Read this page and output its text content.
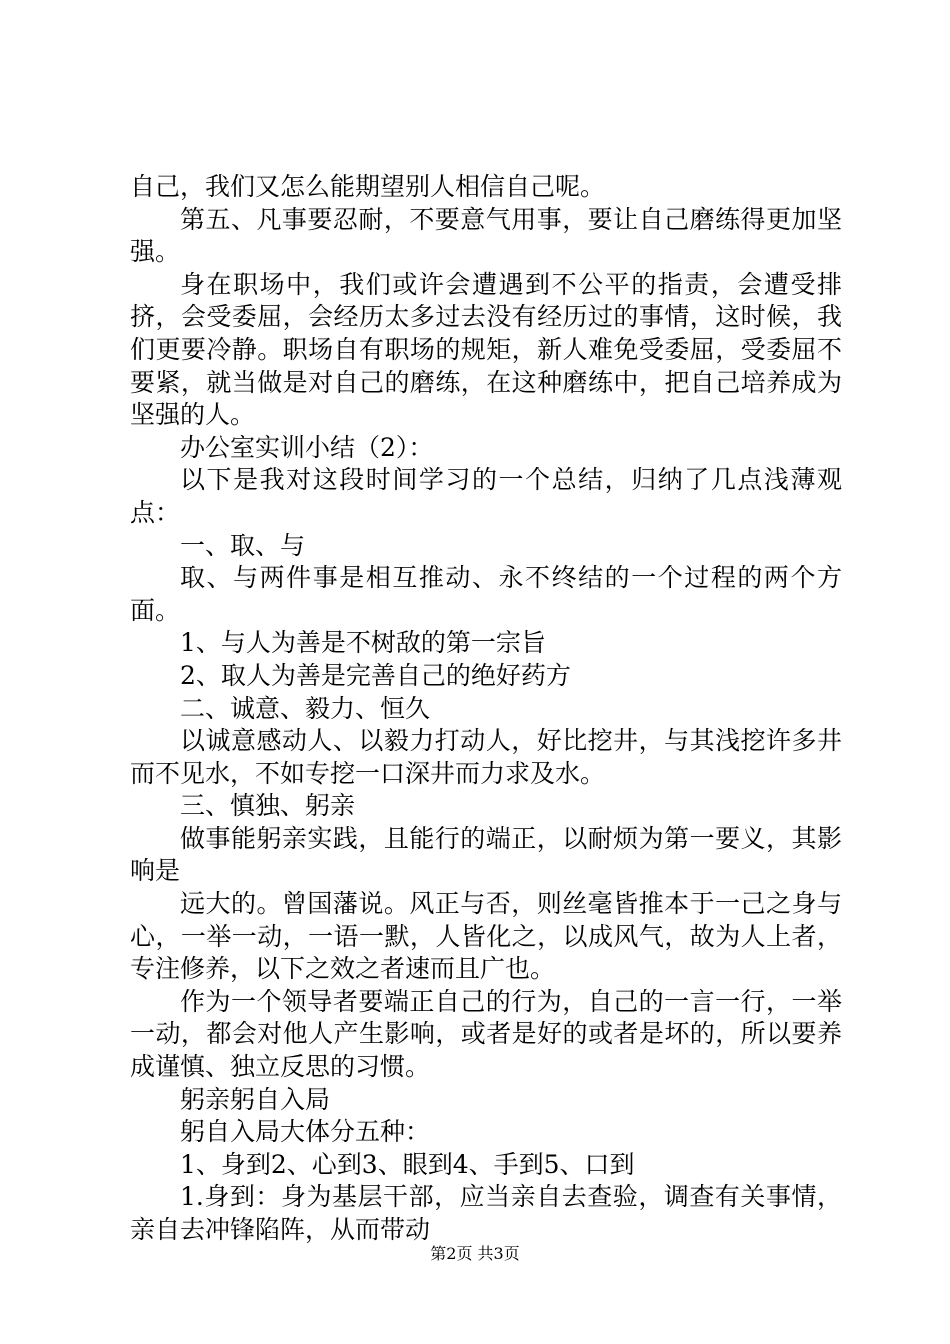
自己，我们又怎么能期望别人相信自己呢。

第五、凡事要忍耐，不要意气用事，要让自己磨练得更加坚强。

身在职场中，我们或许会遭遇到不公平的指责，会遭受排挤，会受委屈，会经历太多过去没有经历过的事情，这时候，我们更要冷静。职场自有职场的规矩，新人难免受委屈，受委屈不要紧，就当做是对自己的磨练，在这种磨练中，把自己培养成为坚强的人。

办公室实训小结（2）：

以下是我对这段时间学习的一个总结，归纳了几点浅薄观点：

一、取、与

取、与两件事是相互推动、永不终结的一个过程的两个方面。

1、与人为善是不树敌的第一宗旨

2、取人为善是完善自己的绝好药方

二、诚意、毅力、恒久

以诚意感动人、以毅力打动人，好比挖井，与其浅挖许多井而不见水，不如专挖一口深井而力求及水。

三、慎独、躬亲

做事能躬亲实践，且能行的端正，以耐烦为第一要义，其影响是

远大的。曾国藩说。风正与否，则丝毫皆推本于一己之身与心，一举一动，一语一默，人皆化之，以成风气，故为人上者，专注修养，以下之效之者速而且广也。

作为一个领导者要端正自己的行为，自己的一言一行，一举一动，都会对他人产生影响，或者是好的或者是坏的，所以要养成谨慎、独立反思的习惯。

躬亲躬自入局

躬自入局大体分五种：

1、身到2、心到3、眼到4、手到5、口到

1.身到：身为基层干部，应当亲自去查验，调查有关事情，亲自去冲锋陷阵，从而带动

第2页 共3页
